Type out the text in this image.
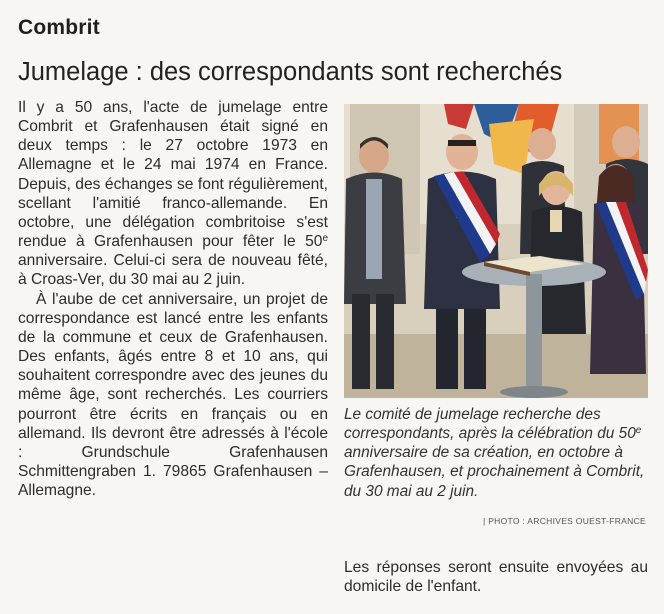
Combrit
Jumelage : des correspondants sont recherchés

Il y a 50 ans, l'acte de jumelage entre Combrit et Grafenhausen était signé en deux temps : le 27 octobre 1973 en Allemagne et le 24 mai 1974 en France. Depuis, des échanges se font régulièrement, scellant l'amitié franco-allemande. En octobre, une délégation combritoise s'est rendue à Grafenhausen pour fêter le 50e anniversaire. Celui-ci sera de nouveau fêté, à Croas-Ver, du 30 mai au 2 juin.

À l'aube de cet anniversaire, un projet de correspondance est lancé entre les enfants de la commune et ceux de Grafenhausen. Des enfants, âgés entre 8 et 10 ans, qui souhaitent correspondre avec des jeunes du même âge, sont recherchés. Les courriers pourront être écrits en français ou en allemand. Ils devront être adressés à l'école : Grundschule Grafenhausen Schmittengraben 1. 79865 Grafenhausen – Allemagne.

Le comité de jumelage recherche des correspondants, après la célébration du 50e anniversaire de sa création, en octobre à Grafenhausen, et prochainement à Combrit, du 30 mai au 2 juin.
| PHOTO : ARCHIVES OUEST-FRANCE
Les réponses seront ensuite envoyées au domicile de l'enfant.
